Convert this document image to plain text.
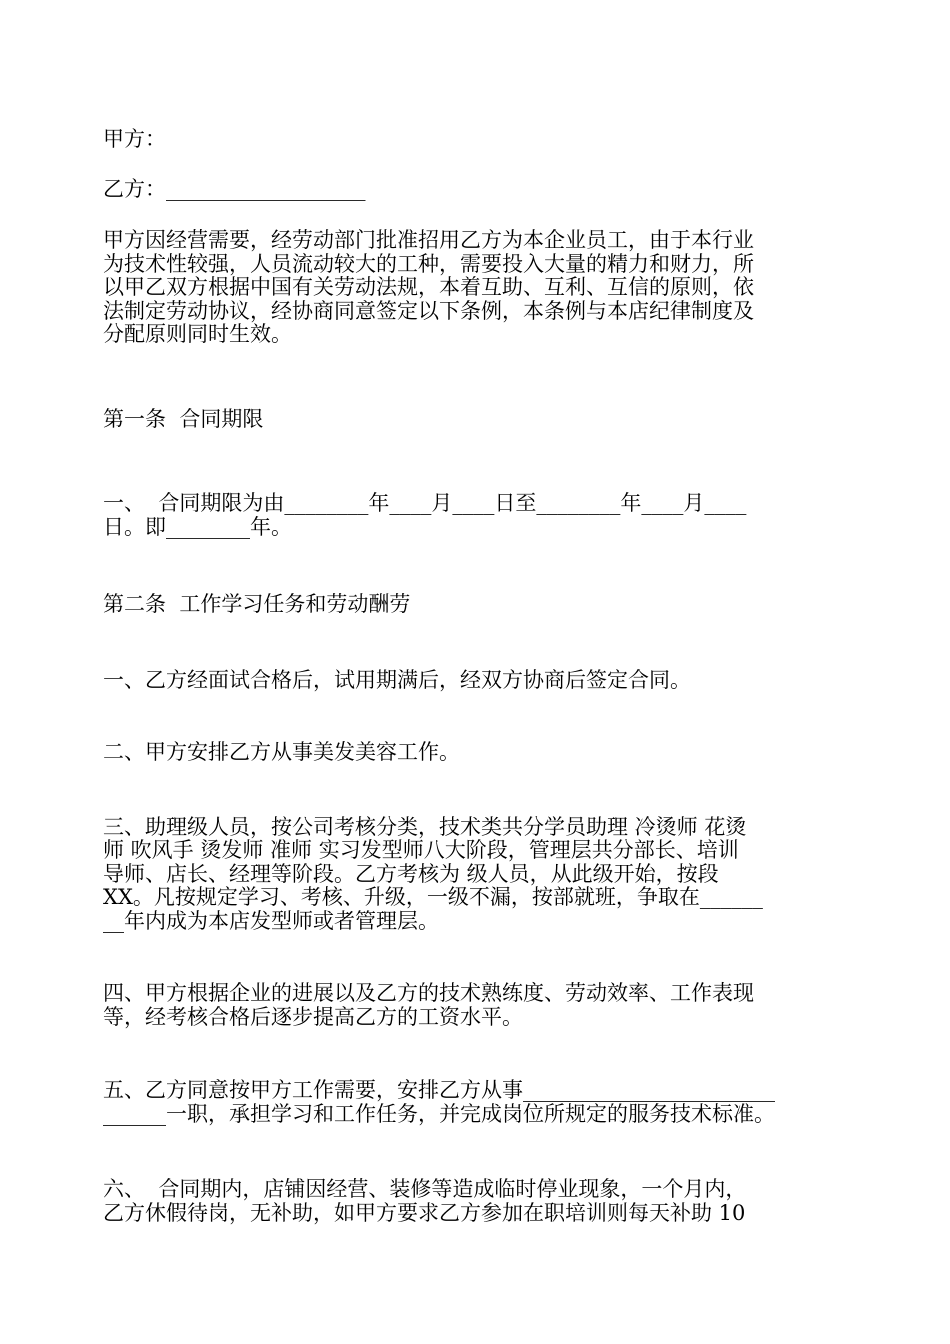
甲方：

乙方：___________________

甲方因经营需要，经劳动部门批准招用乙方为本企业员工，由于本行业

为技术性较强，人员流动较大的工种，需要投入大量的精力和财力，所

以甲乙双方根据中国有关劳动法规，本着互助、互利、互信的原则，依

法制定劳动协议，经协商同意签定以下条例，本条例与本店纪律制度及

分配原则同时生效。

第一条  合同期限

一、  合同期限为由________年____月____日至________年____月____

日。即________年。

第二条  工作学习任务和劳动酬劳

一、乙方经面试合格后，试用期满后，经双方协商后签定合同。

二、甲方安排乙方从事美发美容工作。

三、助理级人员，按公司考核分类，技术类共分学员助理 冷烫师 花烫

师 吹风手 烫发师 准师 实习发型师八大阶段，管理层共分部长、培训

导师、店长、经理等阶段。乙方考核为 级人员，从此级开始，按段

XX。凡按规定学习、考核、升级，一级不漏，按部就班，争取在______

__年内成为本店发型师或者管理层。

四、甲方根据企业的进展以及乙方的技术熟练度、劳动效率、工作表现

等，经考核合格后逐步提高乙方的工资水平。

五、乙方同意按甲方工作需要，安排乙方从事________________________

______一职，承担学习和工作任务，并完成岗位所规定的服务技术标准。

六、  合同期内，店铺因经营、装修等造成临时停业现象，一个月内，

乙方休假待岗，无补助，如甲方要求乙方参加在职培训则每天补助 10
